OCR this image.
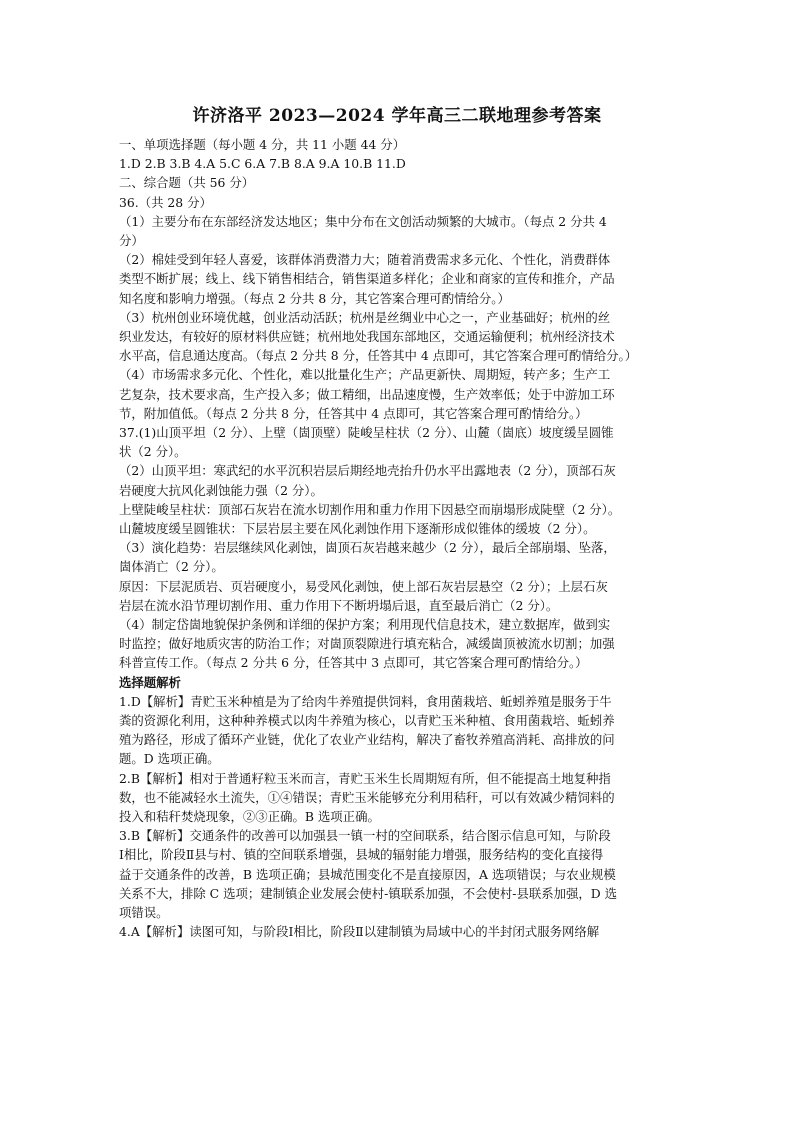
许济洛平 2023—2024 学年高三二联地理参考答案
一、单项选择题（每小题 4 分，共 11 小题 44 分）
1.D 2.B 3.B 4.A 5.C 6.A 7.B 8.A 9.A 10.B 11.D
二、综合题（共 56 分）
36.（共 28 分）
（1）主要分布在东部经济发达地区；集中分布在文创活动频繁的大城市。（每点 2 分共 4
分）
（2）棉娃受到年轻人喜爱，该群体消费潜力大；随着消费需求多元化、个性化，消费群体
类型不断扩展；线上、线下销售相结合，销售渠道多样化；企业和商家的宣传和推介，产品
知名度和影响力增强。（每点 2 分共 8 分，其它答案合理可酌情给分。）
（3）杭州创业环境优越，创业活动活跃；杭州是丝绸业中心之一，产业基础好；杭州的丝
织业发达，有较好的原材料供应链；杭州地处我国东部地区，交通运输便利；杭州经济技术
水平高，信息通达度高。（每点 2 分共 8 分，任答其中 4 点即可，其它答案合理可酌情给分。）
（4）市场需求多元化、个性化，难以批量化生产；产品更新快、周期短，转产多；生产工
艺复杂，技术要求高，生产投入多；做工精细，出品速度慢，生产效率低；处于中游加工环
节，附加值低。（每点 2 分共 8 分，任答其中 4 点即可，其它答案合理可酌情给分。）
37.(1)山顶平坦（2 分）、上壁（崮顶壁）陡峻呈柱状（2 分）、山麓（崮底）坡度缓呈圆锥
状（2 分）。
（2）山顶平坦：寒武纪的水平沉积岩层后期经地壳抬升仍水平出露地表（2 分），顶部石灰
岩硬度大抗风化剥蚀能力强（2 分）。
上壁陡峻呈柱状：顶部石灰岩在流水切割作用和重力作用下因悬空而崩塌形成陡壁（2 分）。
山麓坡度缓呈圆锥状：下层岩层主要在风化剥蚀作用下逐渐形成似锥体的缓坡（2 分）。
（3）演化趋势：岩层继续风化剥蚀，崮顶石灰岩越来越少（2 分），最后全部崩塌、坠落，
崮体消亡（2 分）。
原因：下层泥质岩、页岩硬度小，易受风化剥蚀，使上部石灰岩层悬空（2 分）；上层石灰
岩层在流水沿节理切割作用、重力作用下不断坍塌后退，直至最后消亡（2 分）。
（4）制定岱崮地貌保护条例和详细的保护方案；利用现代信息技术，建立数据库，做到实
时监控；做好地质灾害的防治工作；对崮顶裂隙进行填充粘合，减缓崮顶被流水切割；加强
科普宣传工作。（每点 2 分共 6 分，任答其中 3 点即可，其它答案合理可酌情给分。）
选择题解析
1.D【解析】青贮玉米种植是为了给肉牛养殖提供饲料，食用菌栽培、蚯蚓养殖是服务于牛
粪的资源化利用，这种种养模式以肉牛养殖为核心，以青贮玉米种植、食用菌栽培、蚯蚓养
殖为路径，形成了循环产业链，优化了农业产业结构，解决了畜牧养殖高消耗、高排放的问
题。D 选项正确。
2.B【解析】相对于普通籽粒玉米而言，青贮玉米生长周期短有所，但不能提高土地复种指
数，也不能减轻水土流失，①④错误；青贮玉米能够充分利用秸秆，可以有效减少精饲料的
投入和秸秆焚烧现象，②③正确。B 选项正确。
3.B【解析】交通条件的改善可以加强县一镇一村的空间联系，结合图示信息可知，与阶段
Ⅰ相比，阶段Ⅱ县与村、镇的空间联系增强，县城的辐射能力增强，服务结构的变化直接得
益于交通条件的改善，B 选项正确；县城范围变化不是直接原因，A 选项错误；与农业规模
关系不大，排除 C 选项；建制镇企业发展会使村-镇联系加强，不会使村-县联系加强，D 选
项错误。
4.A【解析】读图可知，与阶段Ⅰ相比，阶段Ⅱ以建制镇为局域中心的半封闭式服务网络解
